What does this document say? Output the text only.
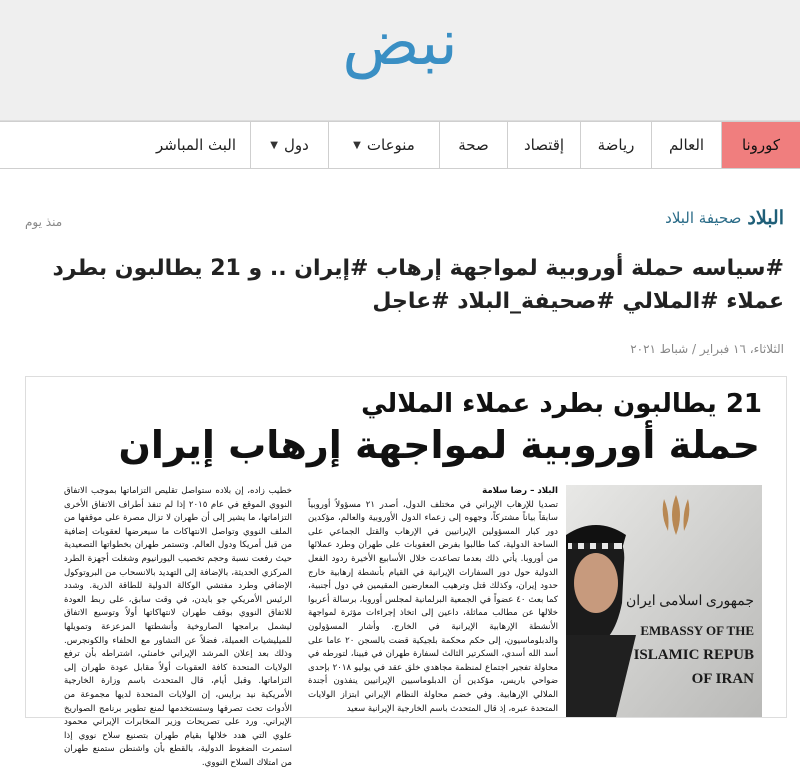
نبض
كورونا
العالم
رياضة
إقتصاد
صحة
منوعات
▼
دول
▼
البث المباشر
البلاد
صحيفة البلاد
منذ يوم
#سياسه حملة أوروبية لمواجهة إرهاب #إيران .. و 21 يطالبون بطرد عملاء #الملالي #صحيفة_البلاد #عاجل
الثلاثاء، ١٦ فبراير / شباط ٢٠٢١
21 يطالبون بطرد عملاء الملالي
حملة أوروبية لمواجهة إرهاب إيران
جمهوری اسلامی ایران
EMBASSY OF THE
ISLAMIC REPUB
OF IRAN
البلاد – رضا سلامة
تصديا للإرهاب الإيراني في مختلف الدول، أصدر ٢١ مسؤولاً أوروبياً سابقاً بياناً مشتركاً، وجهوه إلى زعماء الدول الأوروبية والعالم، مؤكدين دور كبار المسؤولين الإيرانيين في الإرهاب والقتل الجماعي على الساحة الدولية، كما طالبوا بفرض العقوبات على طهران وطرد عملائها من أوروبا. يأتي ذلك بعدما تصاعدت خلال الأسابيع الأخيرة ردود الفعل الدولية حول دور السفارات الإيرانية في القيام بأنشطة إرهابية خارج حدود إيران، وكذلك قتل وترهيب المعارضين المقيمين في دول أجنبية، كما بعث ٤٠ عضواً في الجمعية البرلمانية لمجلس أوروبا، برسالة أعربوا خلالها عن مطالب مماثلة، داعين إلى اتخاذ إجراءات مؤثرة لمواجهة الأنشطة الإرهابية الإيرانية في الخارج. وأشار المسؤولون والدبلوماسيون، إلى حكم محكمة بلجيكية قضت بالسجن ٢٠ عاما على أسد الله أسدي، السكرتير الثالث لسفارة طهران في فيينا، لتورطه في محاولة تفجير اجتماع لمنظمة مجاهدي خلق عقد في يوليو ٢٠١٨ بإحدى ضواحي باريس، مؤكدين أن الدبلوماسيين الإيرانيين ينفذون أجندة الملالي الإرهابية. وفي خضم محاولة النظام الإيراني ابتزاز الولايات المتحدة عبره، إذ قال المتحدث باسم الخارجية الإيرانية سعيد
خطيب زاده، إن بلاده ستواصل تقليص التزاماتها بموجب الاتفاق النووي الموقع في عام ٢٠١٥ إذا لم تنفذ أطراف الاتفاق الأخرى التزاماتها، ما يشير إلى أن طهران لا تزال مصرة على موقفها من الملف النووي وتواصل الانتهاكات ما سيعرضها لعقوبات إضافية من قبل أمريكا ودول العالم. وتستمر طهران بخطواتها التصعيدية حيث رفعت نسبة وحجم تخصيب اليورانيوم وشغلت أجهزة الطرد المركزي الحديثة، بالإضافة إلى التهديد بالانسحاب من البروتوكول الإضافي وطرد مفتشي الوكالة الدولية للطاقة الذرية. وشدد الرئيس الأمريكي جو بايدن، في وقت سابق، على ربط العودة للاتفاق النووي بوقف طهران لانتهاكاتها أولاً وتوسيع الاتفاق ليشمل برامجها الصاروخية وأنشطتها المزعزعة وتمويلها للميليشيات العميلة، فضلاً عن التشاور مع الحلفاء والكونجرس. وذلك بعد إعلان المرشد الإيراني خامنئي، اشتراطه بأن ترفع الولايات المتحدة كافة العقوبات أولاً مقابل عودة طهران إلى التزاماتها. وقبل أيام، قال المتحدث باسم وزارة الخارجية الأمريكية نيد برايس، إن الولايات المتحدة لديها مجموعة من الأدوات تحت تصرفها وستستخدمها لمنع تطوير برنامج الصواريخ الإيراني. ورد على تصريحات وزير المخابرات الإيراني محمود علوي التي هدد خلالها بقيام طهران بتصنيع سلاح نووي إذا استمرت الضغوط الدولية، بالقطع بأن واشنطن ستمنع طهران من امتلاك السلاح النووي.
